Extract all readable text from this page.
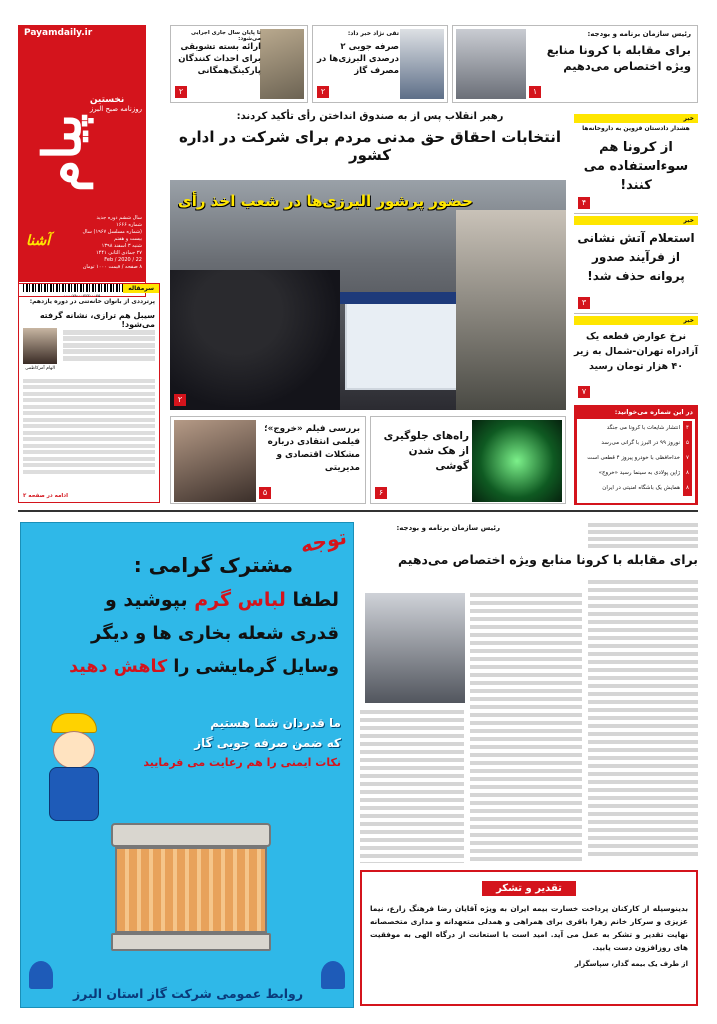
Payamdaily.ir
پیام
آشنا
نخستین
روزنامه صبح البرز
سال ششم دوره جدید شماره ۱۶۶۶
(شماره مسلسل ۱۹۶۷) سال بیست و هفتم
شنبه ۳ اسفند ۱۳۹۸
۲۷ جمادی الثانی ۱۴۴۱
22 / Feb / 2020
۸ صفحه / قیمت ۱۰۰۰ تومان
۰۰۰۰۲۹۰۰۰۴۲۳۰۰۰۴۵
رئیس سازمان برنامه و بودجه:
برای مقابله با کرونا منابع ویژه اختصاص می‌دهیم
۱
تقی نژاد خبر داد:
صرفه جویی ۲ درصدی البرزی‌ها در مصرف گاز
۲
تا پایان سال جاری اجرایی می‌شود:
ارائه بسته تشویقی برای احداث کنندگان پارکینگ‌همگانی
۲
رهبر انقلاب پس از به صندوق انداختن رأی تأکید کردند:
انتخابات احقاق حق مدنی مردم برای شرکت در اداره کشور
حضور پرشور البرزی‌ها در شعب اخذ رأی
۲
خبر
هشدار دادستان قزوین به داروخانه‌ها
از کرونا هم سوءاستفاده می کنند!
۴
خبر
استعلام آتش نشانی از فرآیند صدور پروانه حذف شد!
۳
خبر
نرخ عوارض قطعه یک آزادراه تهران-شمال به زیر ۴۰ هزار تومان رسید
۷
در این شماره می‌خوانید:
۴
انتشار شایعات با کرونا می جنگد
۵
نوروز ۹۹ در البرز با گرانی می‌رسد
۷
خداحافظی با خودرو پیروز ۴ قطعی است
۸
ژاپن پولادی به سینما رسید «خروج»
۸
همایش یک باشگاه امنیتی در ایران
سرمقاله
پرترددی از بانوان خانه‌تنی در دوره یازدهم:
سیبل هم ترازی، نشانه گرفته می‌شود!
الهام آمرکاظمی
ادامه در صفحه ۲
بررسی فیلم «خروج»؛ فیلمی انتقادی درباره مشکلات اقتصادی و مدیریتی
۵
راه‌های جلوگیری از هک شدن گوشی
۶
رئیس سازمان برنامه و بودجه:
برای مقابله با کرونا منابع ویژه اختصاص می‌دهیم
توجه
مشترک گرامی :
لطفا لباس گرم بپوشید و
قدری شعله بخاری ها و دیگر
وسایل گرمایشی را کاهش دهید
ما قدردان شما هستیم
که ضمن صرفه جویی گاز
نکات ایمنی را هم رعایت می فرمایید
روابط عمومی شرکت گاز استان البرز
تقدیر و تشکر
بدینوسیله از کارکنان پرداخت خسارت بیمه ایران به ویژه آقایان رضا فرهنگ زارع، نیما عزیزی و سرکار خانم زهرا باقری برای همراهی و همدلی متعهدانه و مداری متخصصانه نهایت تقدیر و تشکر به عمل می آید. امید است با استعانت از درگاه الهی به موفقیت های روزافزون دست یابید.
از طرف یک بیمه گذار، سپاسگزار
